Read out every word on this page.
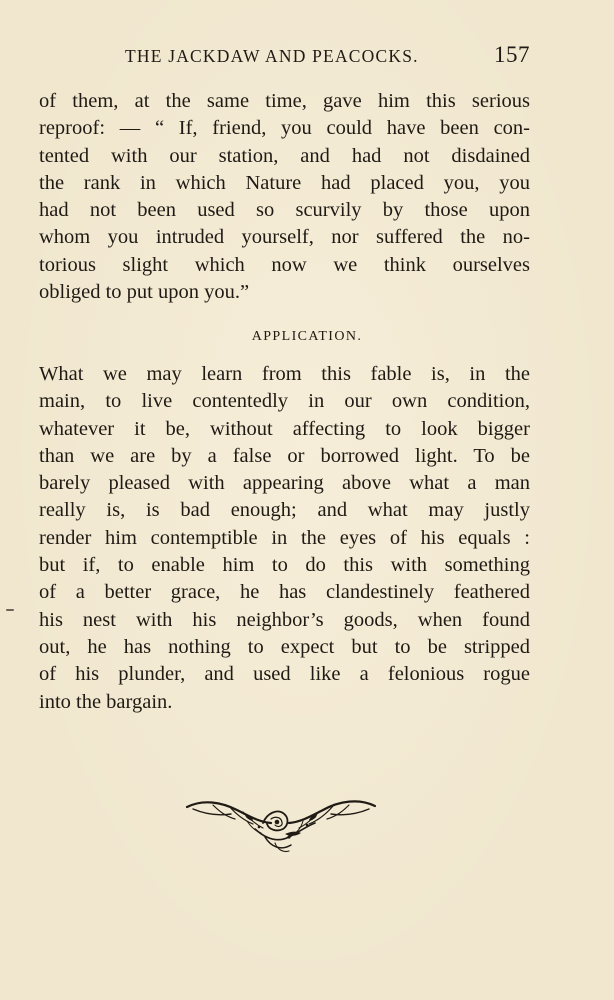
THE JACKDAW AND PEACOCKS.	157
of them, at the same time, gave him this serious
reproof: — “ If, friend, you could have been con-
tented with our station, and had not disdained
the rank in which Nature had placed you, you
had not been used so scurvily by those upon
whom you intruded yourself, nor suffered the no-
torious slight which now we think ourselves
obliged to put upon you.”
APPLICATION.
What we may learn from this fable is, in the
main, to live contentedly in our own condition,
whatever it be, without affecting to look bigger
than we are by a false or borrowed light. To be
barely pleased with appearing above what a man
really is, is bad enough; and what may justly
render him contemptible in the eyes of his equals :
but if, to enable him to do this with something
of a better grace, he has clandestinely feathered
his nest with his neighbor’s goods, when found
out, he has nothing to expect but to be stripped
of his plunder, and used like a felonious rogue
into the bargain.
